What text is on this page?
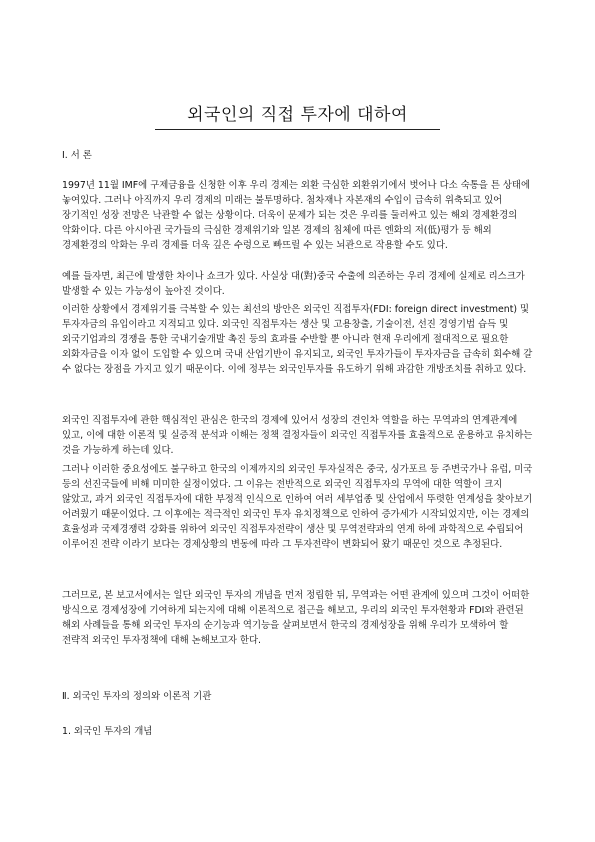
외국인의 직접 투자에 대하여
Ⅰ. 서 론

1997년 11월 IMF에 구제금융을 신청한 이후 우리 경제는 외환 극심한 외환위기에서 벗어나 다소 숙통을 튼 상태에 놓여있다. 그러나 아직까지 우리 경제의 미래는 불투명하다. 첨차재나 자본재의 수입이 급속히 위축되고 있어 장기적인 성장 전망은 낙관할 수 없는 상황이다. 더욱이 문제가 되는 것은 우리를 둘러싸고 있는 해외 경제환경의 악화이다. 다른 아시아권 국가들의 극심한 경제위기와 일본 경제의 침체에 따른 엔화의 저(低)평가 등 해외 경제환경의 악화는 우리 경제를 더욱 깊은 수렁으로 빠뜨릴 수 있는 뇌관으로 작용할 수도 있다.

예를 들자면, 최근에 발생한 차이나 쇼크가 있다. 사실상 대(對)중국 수출에 의존하는 우리 경제에 실제로 리스크가 발생할 수 있는 가능성이 높아진 것이다.

이러한 상황에서 경제위기를 극복할 수 있는 최선의 방안은 외국인 직접투자(FDI: foreign direct investment) 및 투자자금의 유입이라고 지적되고 있다. 외국인 직접투자는 생산 및 고용창출, 기술이전, 선진 경영기법 습득 및 외국기업과의 경쟁을 통한 국내기술개발 촉진 등의 효과를 수반할 뿐 아니라 현재 우리에게 절대적으로 필요한 외화자금을 이자 없이 도입할 수 있으며 국내 산업기반이 유지되고, 외국인 투자가들이 투자자금을 급속히 회수해 갈 수 없다는 장점을 가지고 있기 때문이다. 이에 정부는 외국인투자를 유도하기 위해 과감한 개방조치를 취하고 있다.

외국인 직접투자에 관한 핵심적인 관심은 한국의 경제에 있어서 성장의 견인차 역할을 하는 무역과의 연계관계에 있고, 이에 대한 이론적 및 실증적 분석과 이해는 정책 결정자들이 외국인 직접투자를 효율적으로 운용하고 유치하는 것을 가능하게 하는데 있다.

그러나 이러한 중요성에도 불구하고 한국의 이제까지의 외국인 투자실적은 중국, 싱가포르 등 주변국가나 유럽, 미국 등의 선진국들에 비해 미미한 실정이었다. 그 이유는 전반적으로 외국인 직접투자의 무역에 대한 역할이 크지 않았고, 과거 외국인 직접투자에 대한 부정적 인식으로 인하여 여러 세부업종 및 산업에서 뚜렷한 연계성을 찾아보기 어려웠기 때문이었다. 그 이후에는 적극적인 외국인 투자 유치정책으로 인하여 증가세가 시작되었지만, 이는 경제의 효율성과 국제경쟁력 강화를 위하여 외국인 직접투자전략이 생산 및 무역전략과의 연계 하에 과학적으로 수립되어 이루어진 전략 이라기 보다는 경제상황의 변동에 따라 그 투자전략이 변화되어 왔기 때문인 것으로 추정된다.

그러므로, 본 보고서에서는 일단 외국인 투자의 개념을 먼저 정립한 뒤, 무역과는 어떤 관계에 있으며 그것이 어떠한 방식으로 경제성장에 기여하게 되는지에 대해 이론적으로 접근을 해보고, 우리의 외국인 투자현황과 FDI와 관련된 해외 사례들을 통해 외국인 투자의 순기능과 역기능을 살펴보면서 한국의 경제성장을 위해 우리가 모색하여 할 전략적 외국인 투자정책에 대해 논해보고자 한다.

Ⅱ. 외국인 투자의 정의와 이론적 기관
1. 외국인 투자의 개념
